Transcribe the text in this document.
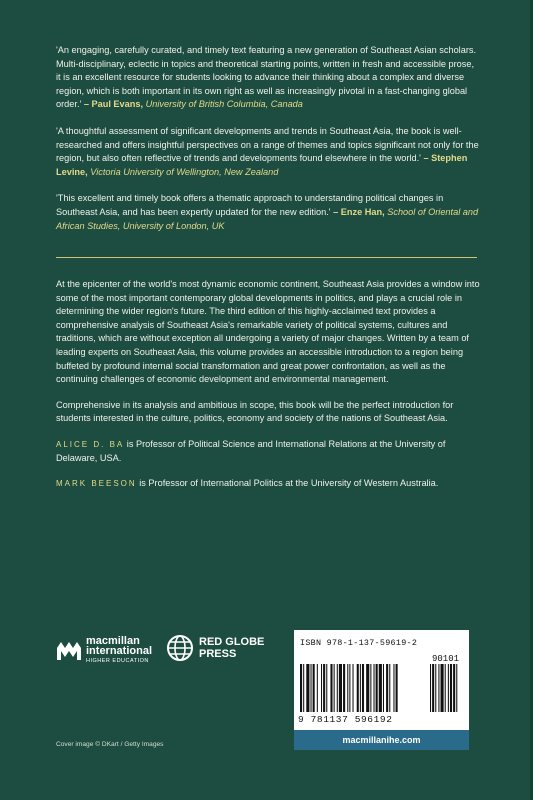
'An engaging, carefully curated, and timely text featuring a new generation of Southeast Asian scholars. Multi-disciplinary, eclectic in topics and theoretical starting points, written in fresh and accessible prose, it is an excellent resource for students looking to advance their thinking about a complex and diverse region, which is both important in its own right as well as increasingly pivotal in a fast-changing global order.' – Paul Evans, University of British Columbia, Canada

'A thoughtful assessment of significant developments and trends in Southeast Asia, the book is well-researched and offers insightful perspectives on a range of themes and topics significant not only for the region, but also often reflective of trends and developments found elsewhere in the world.' – Stephen Levine, Victoria University of Wellington, New Zealand

'This excellent and timely book offers a thematic approach to understanding political changes in Southeast Asia, and has been expertly updated for the new edition.' – Enze Han, School of Oriental and African Studies, University of London, UK

At the epicenter of the world's most dynamic economic continent, Southeast Asia provides a window into some of the most important contemporary global developments in politics, and plays a crucial role in determining the wider region's future. The third edition of this highly-acclaimed text provides a comprehensive analysis of Southeast Asia's remarkable variety of political systems, cultures and traditions, which are without exception all undergoing a variety of major changes. Written by a team of leading experts on Southeast Asia, this volume provides an accessible introduction to a region being buffeted by profound internal social transformation and great power confrontation, as well as the continuing challenges of economic development and environmental management.

Comprehensive in its analysis and ambitious in scope, this book will be the perfect introduction for students interested in the culture, politics, economy and society of the nations of Southeast Asia.

ALICE D. BA is Professor of Political Science and International Relations at the University of Delaware, USA.

MARK BEESON is Professor of International Politics at the University of Western Australia.

macmillan
international
HIGHER EDUCATION
RED GLOBE
PRESS
ISBN 978-1-137-59619-2
90101
9 781137 596192
macmillanihe.com
Cover image © DKart / Getty Images
